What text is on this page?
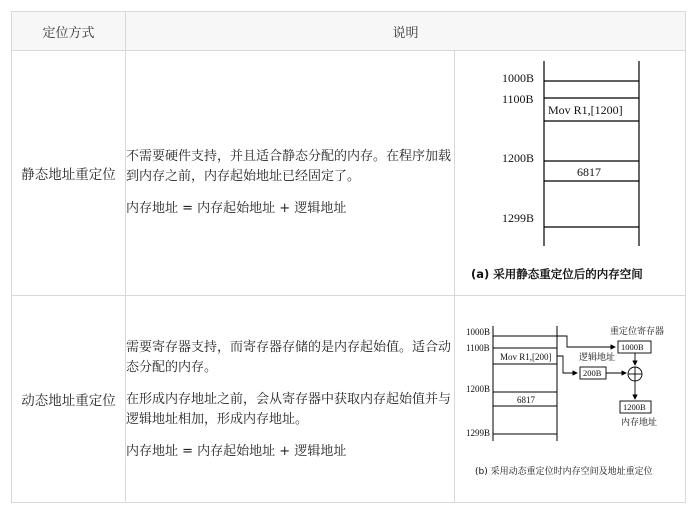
定位方式	说明
静态地址重定位

不需要硬件支持，并且适合静态分配的内存。在程序加载到内存之前，内存起始地址已经固定了。

内存地址 = 内存起始地址 + 逻辑地址

1000B
1100B
1200B
1299B
Mov R1,[1200]
6817
(a) 采用静态重定位后的内存空间
动态地址重定位

需要寄存器支持，而寄存器存储的是内存起始值。适合动态分配的内存。

在形成内存地址之前，会从寄存器中获取内存起始值并与逻辑地址相加，形成内存地址。

内存地址 = 内存起始地址 + 逻辑地址

1000B
1100B
1200B
1299B
Mov R1,[200]
6817
重定位寄存器
1000B
逻辑地址
200B
1200B
内存地址
(b) 采用动态重定位时内存空间及地址重定位
